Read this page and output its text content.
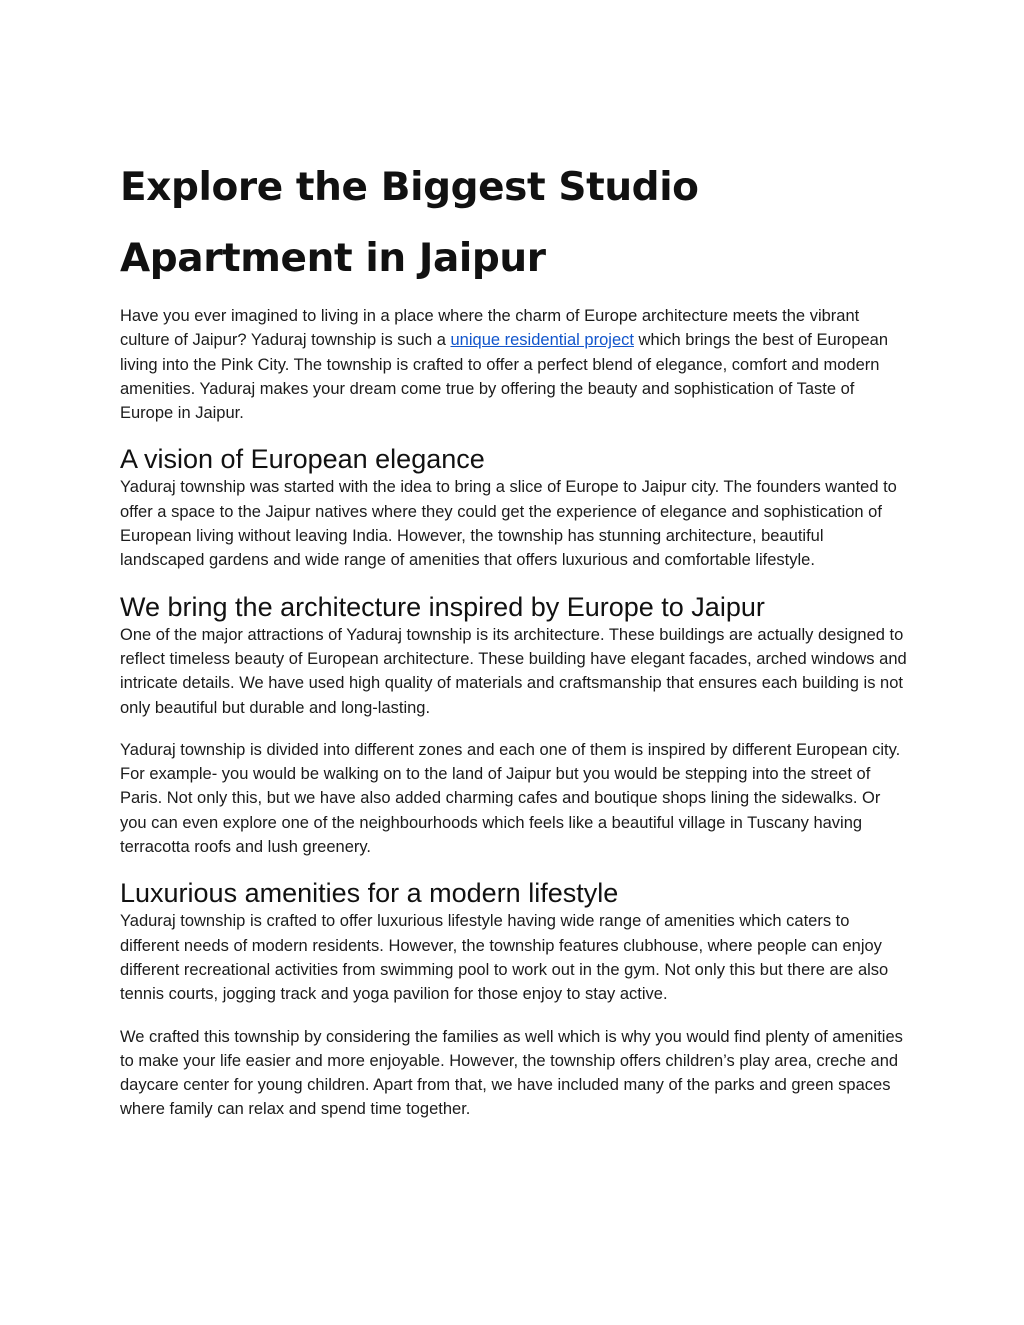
Explore the Biggest Studio Apartment in Jaipur

Have you ever imagined to living in a place where the charm of Europe architecture meets the vibrant culture of Jaipur? Yaduraj township is such a unique residential project which brings the best of European living into the Pink City. The township is crafted to offer a perfect blend of elegance, comfort and modern amenities. Yaduraj makes your dream come true by offering the beauty and sophistication of Taste of Europe in Jaipur.

A vision of European elegance

Yaduraj township was started with the idea to bring a slice of Europe to Jaipur city. The founders wanted to offer a space to the Jaipur natives where they could get the experience of elegance and sophistication of European living without leaving India. However, the township has stunning architecture, beautiful landscaped gardens and wide range of amenities that offers luxurious and comfortable lifestyle.

We bring the architecture inspired by Europe to Jaipur

One of the major attractions of Yaduraj township is its architecture. These buildings are actually designed to reflect timeless beauty of European architecture. These building have elegant facades, arched windows and intricate details. We have used high quality of materials and craftsmanship that ensures each building is not only beautiful but durable and long-lasting.

Yaduraj township is divided into different zones and each one of them is inspired by different European city. For example- you would be walking on to the land of Jaipur but you would be stepping into the street of Paris. Not only this, but we have also added charming cafes and boutique shops lining the sidewalks. Or you can even explore one of the neighbourhoods which feels like a beautiful village in Tuscany having terracotta roofs and lush greenery.

Luxurious amenities for a modern lifestyle

Yaduraj township is crafted to offer luxurious lifestyle having wide range of amenities which caters to different needs of modern residents. However, the township features clubhouse, where people can enjoy different recreational activities from swimming pool to work out in the gym. Not only this but there are also tennis courts, jogging track and yoga pavilion for those enjoy to stay active.

We crafted this township by considering the families as well which is why you would find plenty of amenities to make your life easier and more enjoyable. However, the township offers children’s play area, creche and daycare center for young children. Apart from that, we have included many of the parks and green spaces where family can relax and spend time together.
